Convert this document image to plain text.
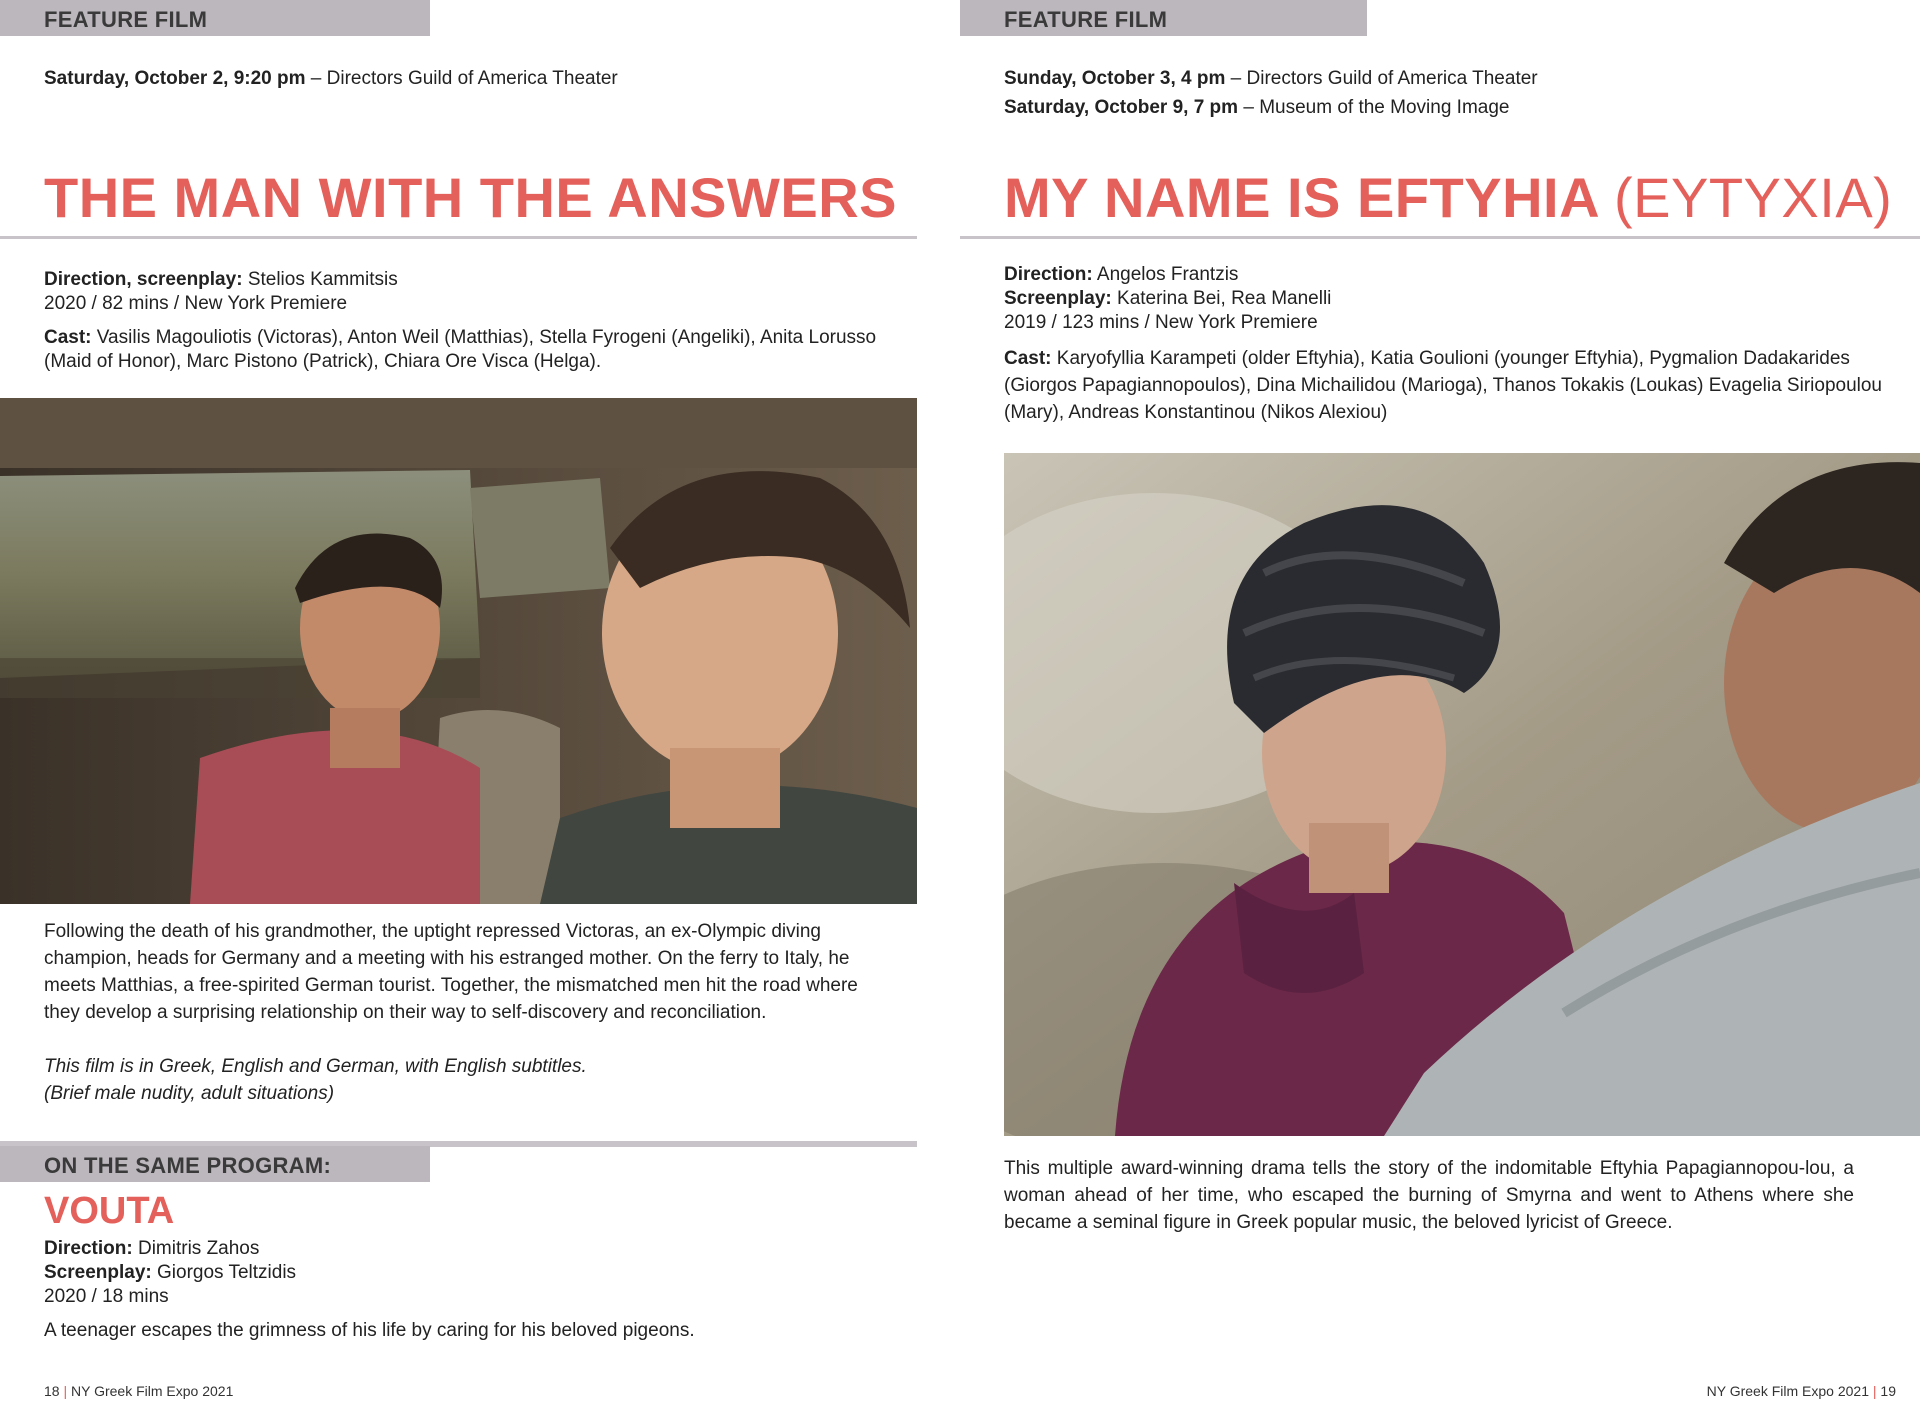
FEATURE FILM
Saturday, October 2, 9:20 pm – Directors Guild of America Theater
THE MAN WITH THE ANSWERS

Direction, screenplay: Stelios Kammitsis

2020 / 82 mins / New York Premiere

Cast: Vasilis Magouliotis (Victoras), Anton Weil (Matthias), Stella Fyrogeni (Angeliki), Anita Lorusso (Maid of Honor), Marc Pistono (Patrick), Chiara Ore Visca (Helga).

Following the death of his grandmother, the uptight repressed Victoras, an ex-Olympic diving champion, heads for Germany and a meeting with his estranged mother. On the ferry to Italy, he meets Matthias, a free-spirited German tourist. Together, the mismatched men hit the road where they develop a surprising relationship on their way to self-discovery and reconciliation.

This film is in Greek, English and German, with English subtitles.

(Brief male nudity, adult situations)

ON THE SAME PROGRAM:
VOUTA

Direction: Dimitris Zahos

Screenplay: Giorgos Teltzidis

2020 / 18 mins

A teenager escapes the grimness of his life by caring for his beloved pigeons.

18 | NY Greek Film Expo 2021
FEATURE FILM
Sunday, October 3, 4 pm – Directors Guild of America Theater
Saturday, October 9, 7 pm – Museum of the Moving Image
MY NAME IS EFTYHIA (ΕΥΤΥΧΙΑ)

Direction: Angelos Frantzis

Screenplay: Katerina Bei, Rea Manelli

2019 / 123 mins / New York Premiere

Cast: Karyofyllia Karampeti (older Eftyhia), Katia Goulioni (younger Eftyhia), Pygmalion Dadakarides (Giorgos Papagiannopoulos), Dina Michailidou (Marioga), Thanos Tokakis (Loukas) Evagelia Siriopoulou (Mary), Andreas Konstantinou (Nikos Alexiou)

This multiple award-winning drama tells the story of the indomitable Eftyhia Papagiannopou-lou, a woman ahead of her time, who escaped the burning of Smyrna and went to Athens where she became a seminal figure in Greek popular music, the beloved lyricist of Greece.

NY Greek Film Expo 2021 | 19
